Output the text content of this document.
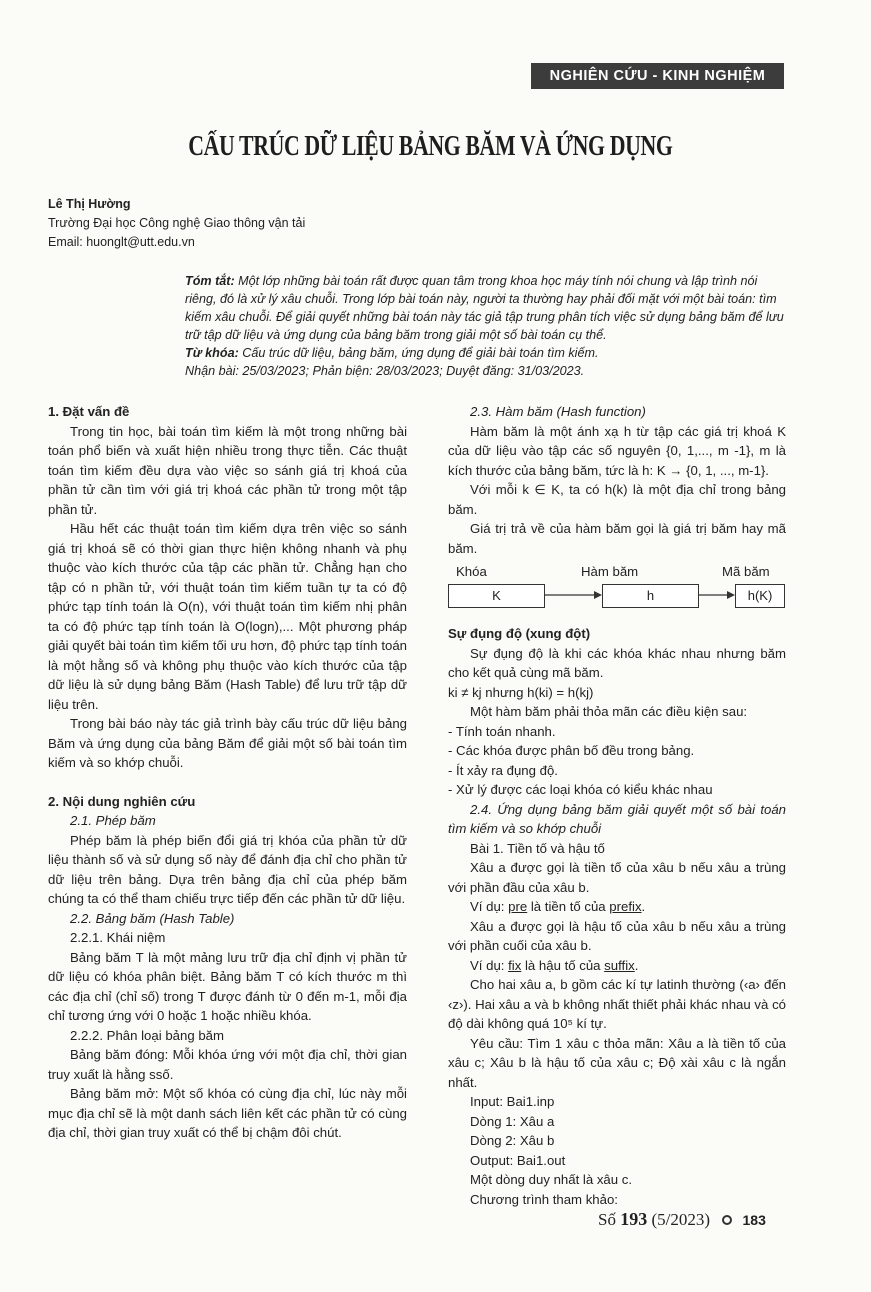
NGHIÊN CỨU - KINH NGHIỆM
CẤU TRÚC DỮ LIỆU BẢNG BĂM VÀ ỨNG DỤNG
Lê Thị Hường
Trường Đại học Công nghệ Giao thông vận tải
Email: huonglt@utt.edu.vn
Tóm tắt: Một lớp những bài toán rất được quan tâm trong khoa học máy tính nói chung và lập trình nói riêng, đó là xử lý xâu chuỗi. Trong lớp bài toán này, người ta thường hay phải đối mặt với một bài toán: tìm kiếm xâu chuỗi. Để giải quyết những bài toán này tác giả tập trung phân tích việc sử dụng bảng băm để lưu trữ tập dữ liệu và ứng dụng của bảng băm trong giải một số bài toán cụ thể.
Từ khóa: Cấu trúc dữ liệu, bảng băm, ứng dụng để giải bài toán tìm kiếm.
Nhận bài: 25/03/2023; Phản biện: 28/03/2023; Duyệt đăng: 31/03/2023.

1. Đặt vấn đề

Trong tin học, bài toán tìm kiếm là một trong những bài toán phổ biến và xuất hiện nhiều trong thực tiễn. Các thuật toán tìm kiếm đều dựa vào việc so sánh giá trị khoá của phần tử cần tìm với giá trị khoá các phần tử trong một tập phần tử.

Hầu hết các thuật toán tìm kiếm dựa trên việc so sánh giá trị khoá sẽ có thời gian thực hiện không nhanh và phụ thuộc vào kích thước của tập các phần tử. Chẳng hạn cho tập có n phần tử, với thuật toán tìm kiếm tuần tự ta có độ phức tạp tính toán là O(n), với thuật toán tìm kiếm nhị phân ta có độ phức tạp tính toán là O(logn),... Một phương pháp giải quyết bài toán tìm kiếm tối ưu hơn, độ phức tạp tính toán là một hằng số và không phụ thuộc vào kích thước của tập dữ liệu là sử dụng bảng Băm (Hash Table) để lưu trữ tập dữ liệu trên.

Trong bài báo này tác giả trình bày cấu trúc dữ liệu bảng Băm và ứng dụng của bảng Băm để giải một số bài toán tìm kiếm và so khớp chuỗi.

2. Nội dung nghiên cứu

2.1. Phép băm

Phép băm là phép biến đổi giá trị khóa của phần tử dữ liệu thành số và sử dụng số này để đánh địa chỉ cho phần tử dữ liệu trên bảng. Dựa trên bảng địa chỉ của phép băm chúng ta có thể tham chiếu trực tiếp đến các phần tử dữ liệu.

2.2. Bảng băm (Hash Table)

2.2.1. Khái niệm

Bảng băm T là một mảng lưu trữ địa chỉ định vị phần tử dữ liệu có khóa phân biệt. Bảng băm T có kích thước m thì các địa chỉ (chỉ số) trong T được đánh từ 0 đến m-1, mỗi địa chỉ tương ứng với 0 hoặc 1 hoặc nhiều khóa.

2.2.2. Phân loại bảng băm

Bảng băm đóng: Mỗi khóa ứng với một địa chỉ, thời gian truy xuất là hằng ssố.

Bảng băm mở: Một số khóa có cùng địa chỉ, lúc này mỗi mục địa chỉ sẽ là một danh sách liên kết các phần tử có cùng địa chỉ, thời gian truy xuất có thể bị chậm đôi chút.

2.3. Hàm băm (Hash function)

Hàm băm là một ánh xạ h từ tập các giá trị khoá K của dữ liệu vào tập các số nguyên {0, 1,..., m -1}, m là kích thước của bảng băm, tức là h: K → {0, 1, ..., m-1}.

Với mỗi k ∈ K, ta có h(k) là một địa chỉ trong bảng băm.

Giá trị trả về của hàm băm gọi là giá trị băm hay mã băm.

Khóa	Hàm băm	Mã băm
K	h	h(K)

Sự đụng độ (xung đột)

Sự đụng độ là khi các khóa khác nhau nhưng băm cho kết quả cùng mã băm.

ki ≠ kj nhưng h(ki) = h(kj)

Một hàm băm phải thỏa mãn các điều kiện sau:

- Tính toán nhanh.

- Các khóa được phân bố đều trong bảng.

- Ít xảy ra đụng độ.

- Xử lý được các loại khóa có kiểu khác nhau

2.4. Ứng dụng bảng băm giải quyết một số bài toán tìm kiếm và so khớp chuỗi

Bài 1. Tiền tố và hậu tố

Xâu a được gọi là tiền tố của xâu b nếu xâu a trùng với phần đầu của xâu b.

Ví dụ: pre là tiền tố của prefix.

Xâu a được gọi là hậu tố của xâu b nếu xâu a trùng với phần cuối của xâu b.

Ví dụ: fix là hậu tố của suffix.

Cho hai xâu a, b gồm các kí tự latinh thường (‹a› đến ‹z›). Hai xâu a và b không nhất thiết phải khác nhau và có độ dài không quá 10⁵ kí tự.

Yêu cầu: Tìm 1 xâu c thỏa mãn: Xâu a là tiền tố của xâu c; Xâu b là hậu tố của xâu c; Độ xài xâu c là ngắn nhất.

Input: Bai1.inp

Dòng 1: Xâu a

Dòng 2: Xâu b

Output: Bai1.out

Một dòng duy nhất là xâu c.

Chương trình tham khảo:

Số 193 (5/2023) 183
